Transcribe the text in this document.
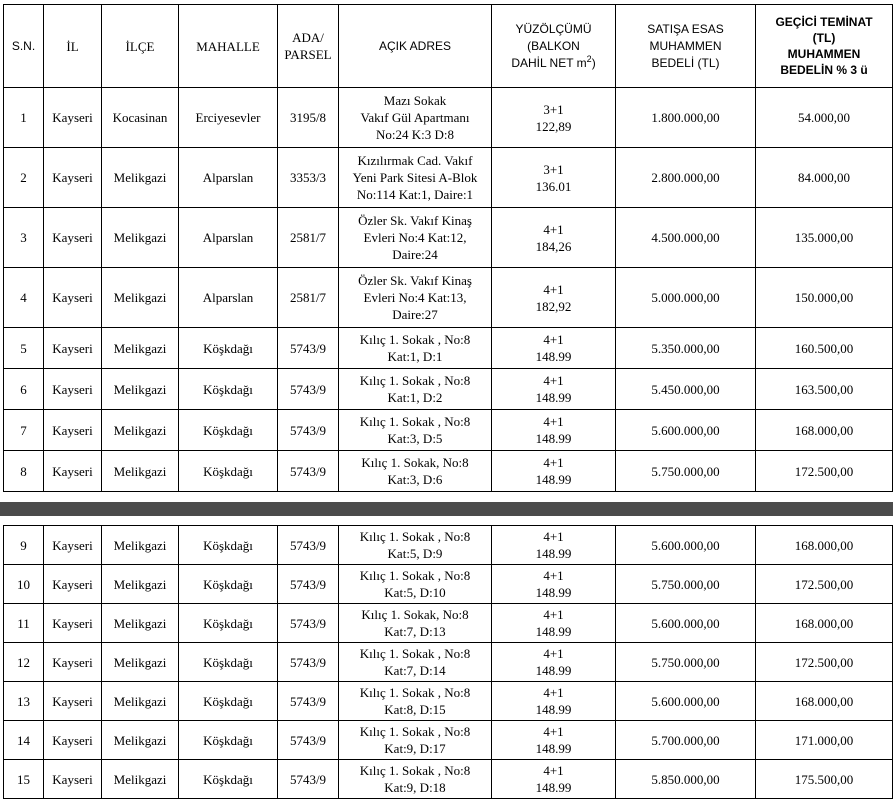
S.N.	İL	İLÇE	MAHALLE	ADA/
PARSEL	AÇIK ADRES	YÜZÖLÇÜMÜ
(BALKON
DAHİL NET $m^2$)	SATIŞA ESAS
MUHAMMEN
BEDELİ (TL)	GEÇİCİ TEMİNAT
(TL)
MUHAMMEN
BEDELİN % 3 ü

1	Kayseri	Kocasinan	Erciyesevler	3195/8	Mazı Sokak
Vakıf Gül Apartmanı
No:24 K:3 D:8	3+1
122,89	1.800.000,00	54.000,00
2	Kayseri	Melikgazi	Alparslan	3353/3	Kızılırmak Cad. Vakıf
Yeni Park Sitesi A-Blok
No:114 Kat:1, Daire:1	3+1
136.01	2.800.000,00	84.000,00
3	Kayseri	Melikgazi	Alparslan	2581/7	Özler Sk. Vakıf Kinaş
Evleri No:4 Kat:12,
Daire:24	4+1
184,26	4.500.000,00	135.000,00
4	Kayseri	Melikgazi	Alparslan	2581/7	Özler Sk. Vakıf Kinaş
Evleri No:4 Kat:13,
Daire:27	4+1
182,92	5.000.000,00	150.000,00
5	Kayseri	Melikgazi	Köşkdağı	5743/9	Kılıç 1. Sokak , No:8
Kat:1, D:1	4+1
148.99	5.350.000,00	160.500,00
6	Kayseri	Melikgazi	Köşkdağı	5743/9	Kılıç 1. Sokak , No:8
Kat:1, D:2	4+1
148.99	5.450.000,00	163.500,00
7	Kayseri	Melikgazi	Köşkdağı	5743/9	Kılıç 1. Sokak , No:8
Kat:3, D:5	4+1
148.99	5.600.000,00	168.000,00
8	Kayseri	Melikgazi	Köşkdağı	5743/9	Kılıç 1. Sokak, No:8
Kat:3, D:6	4+1
148.99	5.750.000,00	172.500,00
9	Kayseri	Melikgazi	Köşkdağı	5743/9	Kılıç 1. Sokak , No:8
Kat:5, D:9	4+1
148.99	5.600.000,00	168.000,00
10	Kayseri	Melikgazi	Köşkdağı	5743/9	Kılıç 1. Sokak , No:8
Kat:5, D:10	4+1
148.99	5.750.000,00	172.500,00
11	Kayseri	Melikgazi	Köşkdağı	5743/9	Kılıç 1. Sokak, No:8
Kat:7, D:13	4+1
148.99	5.600.000,00	168.000,00
12	Kayseri	Melikgazi	Köşkdağı	5743/9	Kılıç 1. Sokak , No:8
Kat:7, D:14	4+1
148.99	5.750.000,00	172.500,00
13	Kayseri	Melikgazi	Köşkdağı	5743/9	Kılıç 1. Sokak , No:8
Kat:8, D:15	4+1
148.99	5.600.000,00	168.000,00
14	Kayseri	Melikgazi	Köşkdağı	5743/9	Kılıç 1. Sokak , No:8
Kat:9, D:17	4+1
148.99	5.700.000,00	171.000,00
15	Kayseri	Melikgazi	Köşkdağı	5743/9	Kılıç 1. Sokak , No:8
Kat:9, D:18	4+1
148.99	5.850.000,00	175.500,00
